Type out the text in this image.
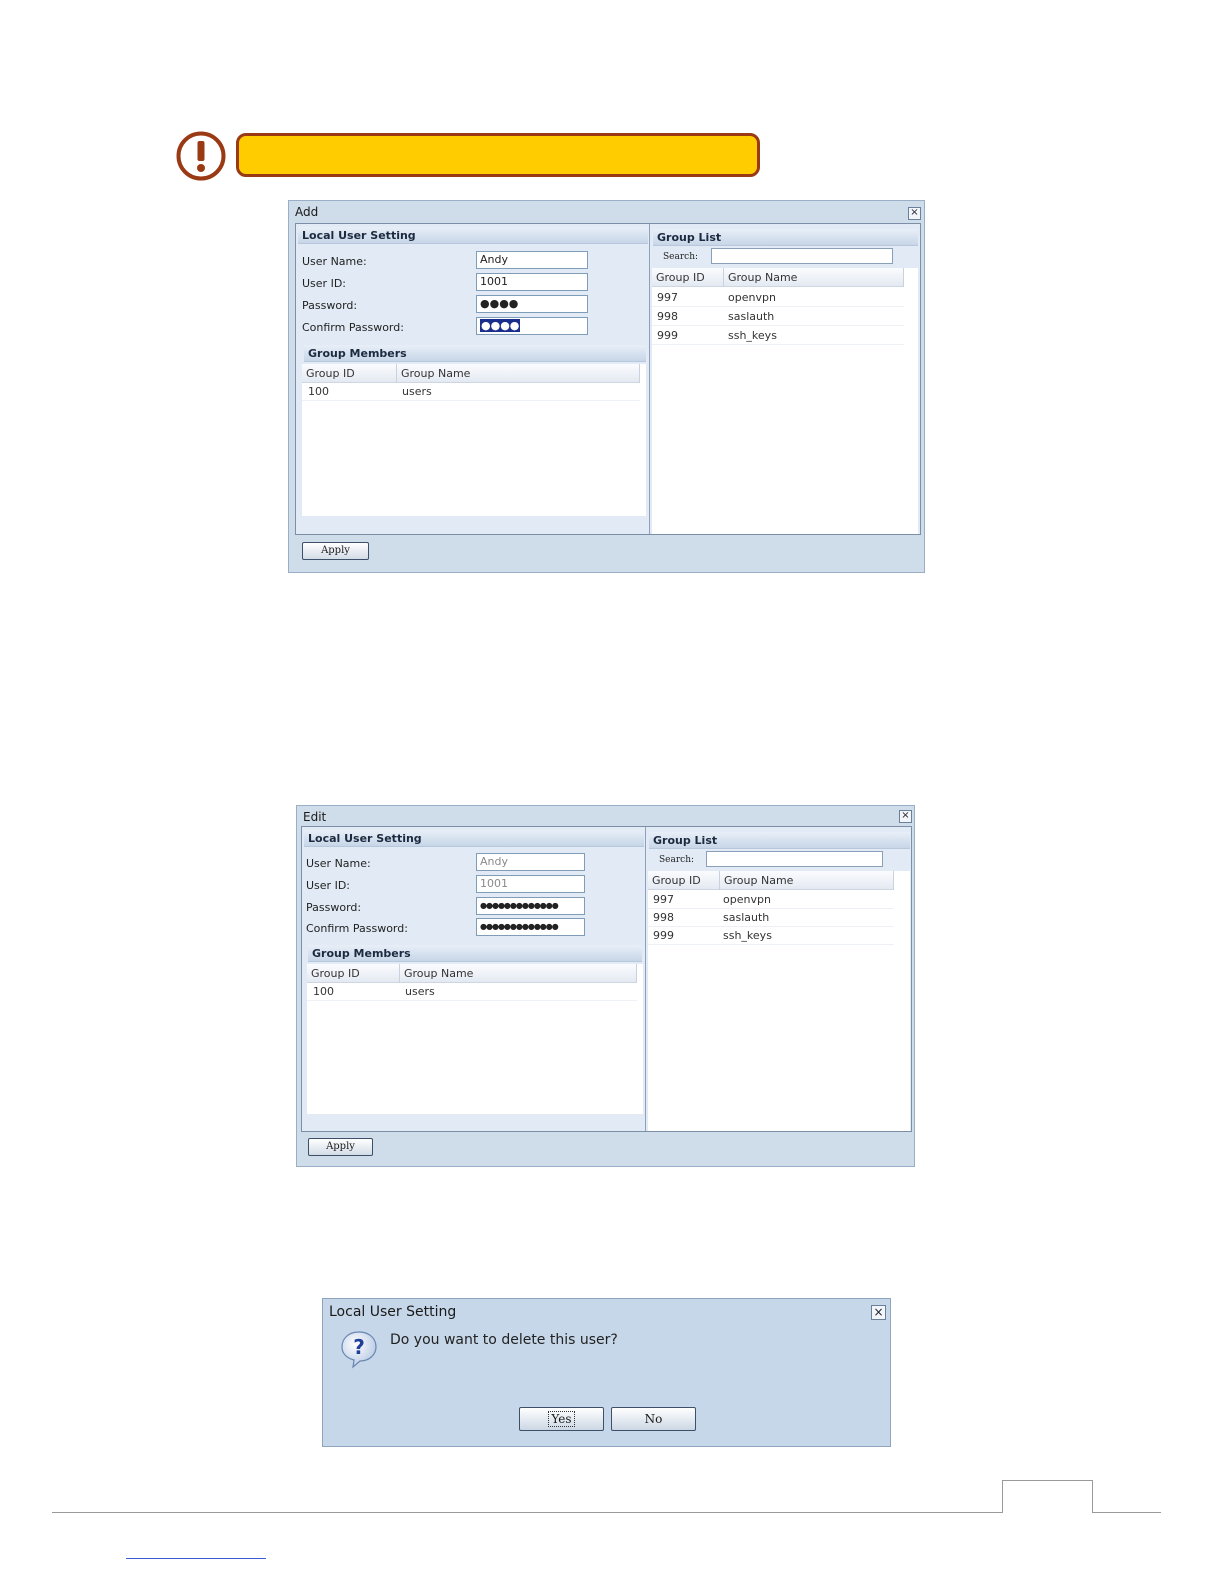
Add	×
Local User Setting
User Name:	Andy
User ID:	1001
Password:	●●●●
Confirm Password:	●●●●
Group Members
Group ID	Group Name
100	users
Group List
Search:
Group ID	Group Name
997	openvpn
998	saslauth
999	ssh_keys
Apply
Edit	×
Local User Setting
User Name:	Andy
User ID:	1001
Password:	●●●●●●●●●●●●●
Confirm Password:	●●●●●●●●●●●●●
Group Members
Group ID	Group Name
100	users
Group List
Search:
Group ID	Group Name
997	openvpn
998	saslauth
999	ssh_keys
Apply
Local User Setting	×
? Do you want to delete this user?
Yes	No
